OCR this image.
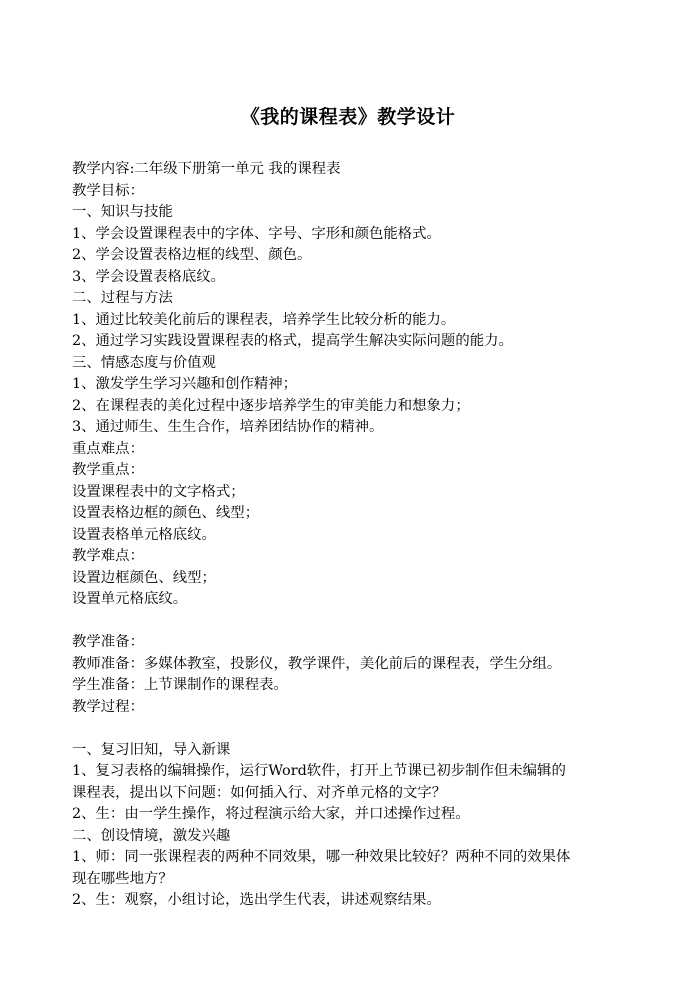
《我的课程表》教学设计
教学内容:二年级下册第一单元 我的课程表
教学目标：
一、知识与技能
1、学会设置课程表中的字体、字号、字形和颜色能格式。
2、学会设置表格边框的线型、颜色。
3、学会设置表格底纹。
二、过程与方法
1、通过比较美化前后的课程表，培养学生比较分析的能力。
2、通过学习实践设置课程表的格式，提高学生解决实际问题的能力。
三、情感态度与价值观
1、激发学生学习兴趣和创作精神；
2、在课程表的美化过程中逐步培养学生的审美能力和想象力；
3、通过师生、生生合作，培养团结协作的精神。
重点难点：
教学重点：
设置课程表中的文字格式；
设置表格边框的颜色、线型；
设置表格单元格底纹。
教学难点：
设置边框颜色、线型；
设置单元格底纹。
教学准备：
教师准备：多媒体教室，投影仪，教学课件，美化前后的课程表，学生分组。
学生准备：上节课制作的课程表。
教学过程：
一、复习旧知，导入新课
1、复习表格的编辑操作，运行Word软件，打开上节课已初步制作但未编辑的
课程表，提出以下问题：如何插入行、对齐单元格的文字？
2、生：由一学生操作，将过程演示给大家，并口述操作过程。
二、创设情境，激发兴趣
1、师：同一张课程表的两种不同效果，哪一种效果比较好？两种不同的效果体
现在哪些地方？
2、生：观察，小组讨论，选出学生代表，讲述观察结果。
